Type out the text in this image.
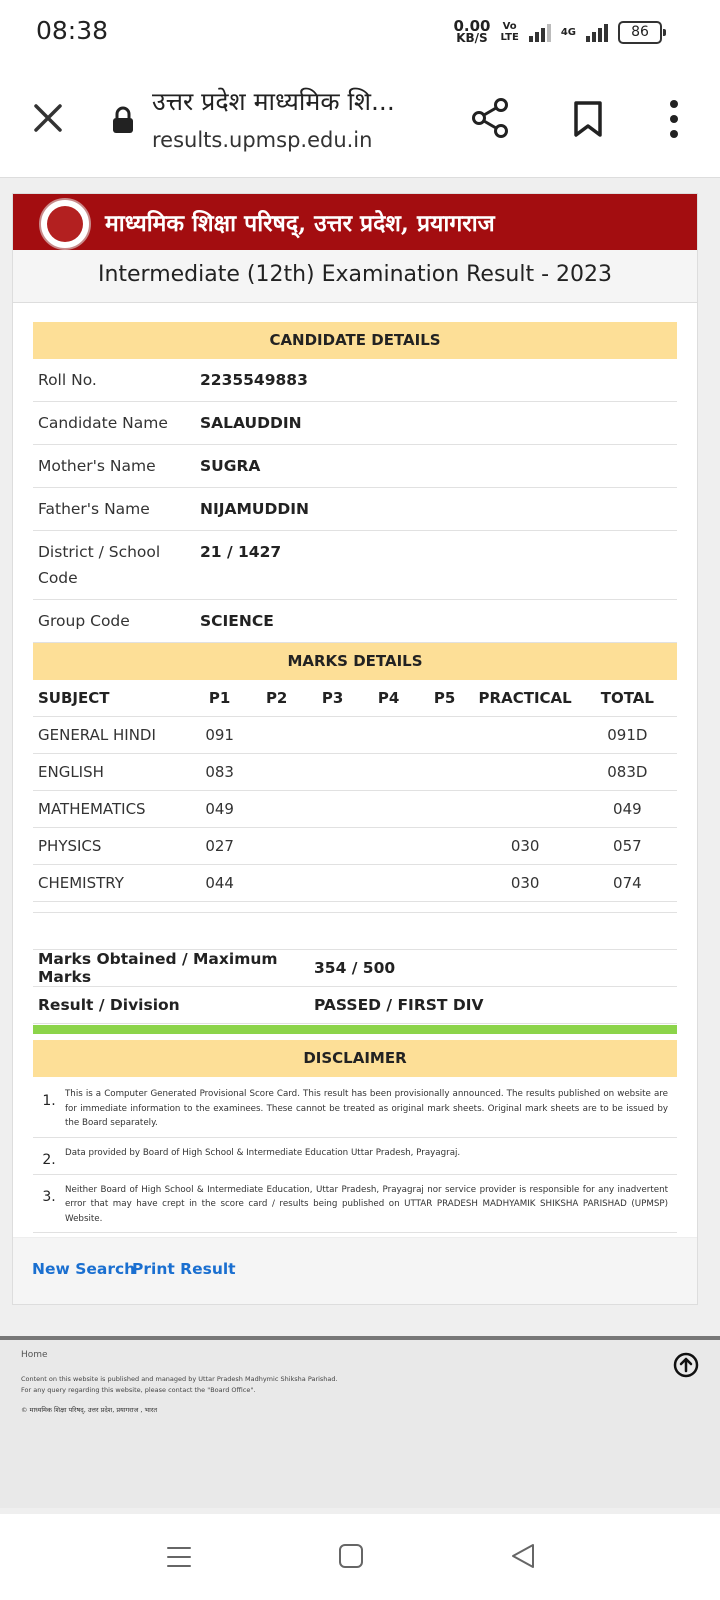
08:38	0.00
KB/S
Vo
LTE	4G	86
उत्तर प्रदेश माध्यमिक शि...
results.upmsp.edu.in
माध्यमिक शिक्षा परिषद्, उत्तर प्रदेश, प्रयागराज
Intermediate (12th) Examination Result - 2023
CANDIDATE DETAILS
Roll No.	2235549883
Candidate Name	SALAUDDIN
Mother's Name	SUGRA
Father's Name	NIJAMUDDIN
District / School Code
21 / 1427
Group Code	SCIENCE
MARKS DETAILS
SUBJECT	P1	P2	P3	P4	P5	PRACTICAL	TOTAL
GENERAL HINDI	091						091D
ENGLISH	083						083D
MATHEMATICS	049						049
PHYSICS	027					030	057
CHEMISTRY	044					030	074
Marks Obtained / Maximum Marks	354 / 500
Result / Division	PASSED / FIRST DIV
DISCLAIMER
1.	This is a Computer Generated Provisional Score Card. This result has been provisionally announced. The results published on website are for immediate information to the examinees. These cannot be treated as original mark sheets. Original mark sheets are to be issued by the Board separately.
2.	Data provided by Board of High School & Intermediate Education Uttar Pradesh, Prayagraj.
3.	Neither Board of High School & Intermediate Education, Uttar Pradesh, Prayagraj nor service provider is responsible for any inadvertent error that may have crept in the score card / results being published on UTTAR PRADESH MADHYAMIK SHIKSHA PARISHAD (UPMSP) Website.
New Search
Print Result
Home
Content on this website is published and managed by Uttar Pradesh Madhymic Shiksha Parishad.
For any query regarding this website, please contact the "Board Office".
© माध्यमिक शिक्षा परिषद्, उत्तर प्रदेश, प्रयागराज , भारत
